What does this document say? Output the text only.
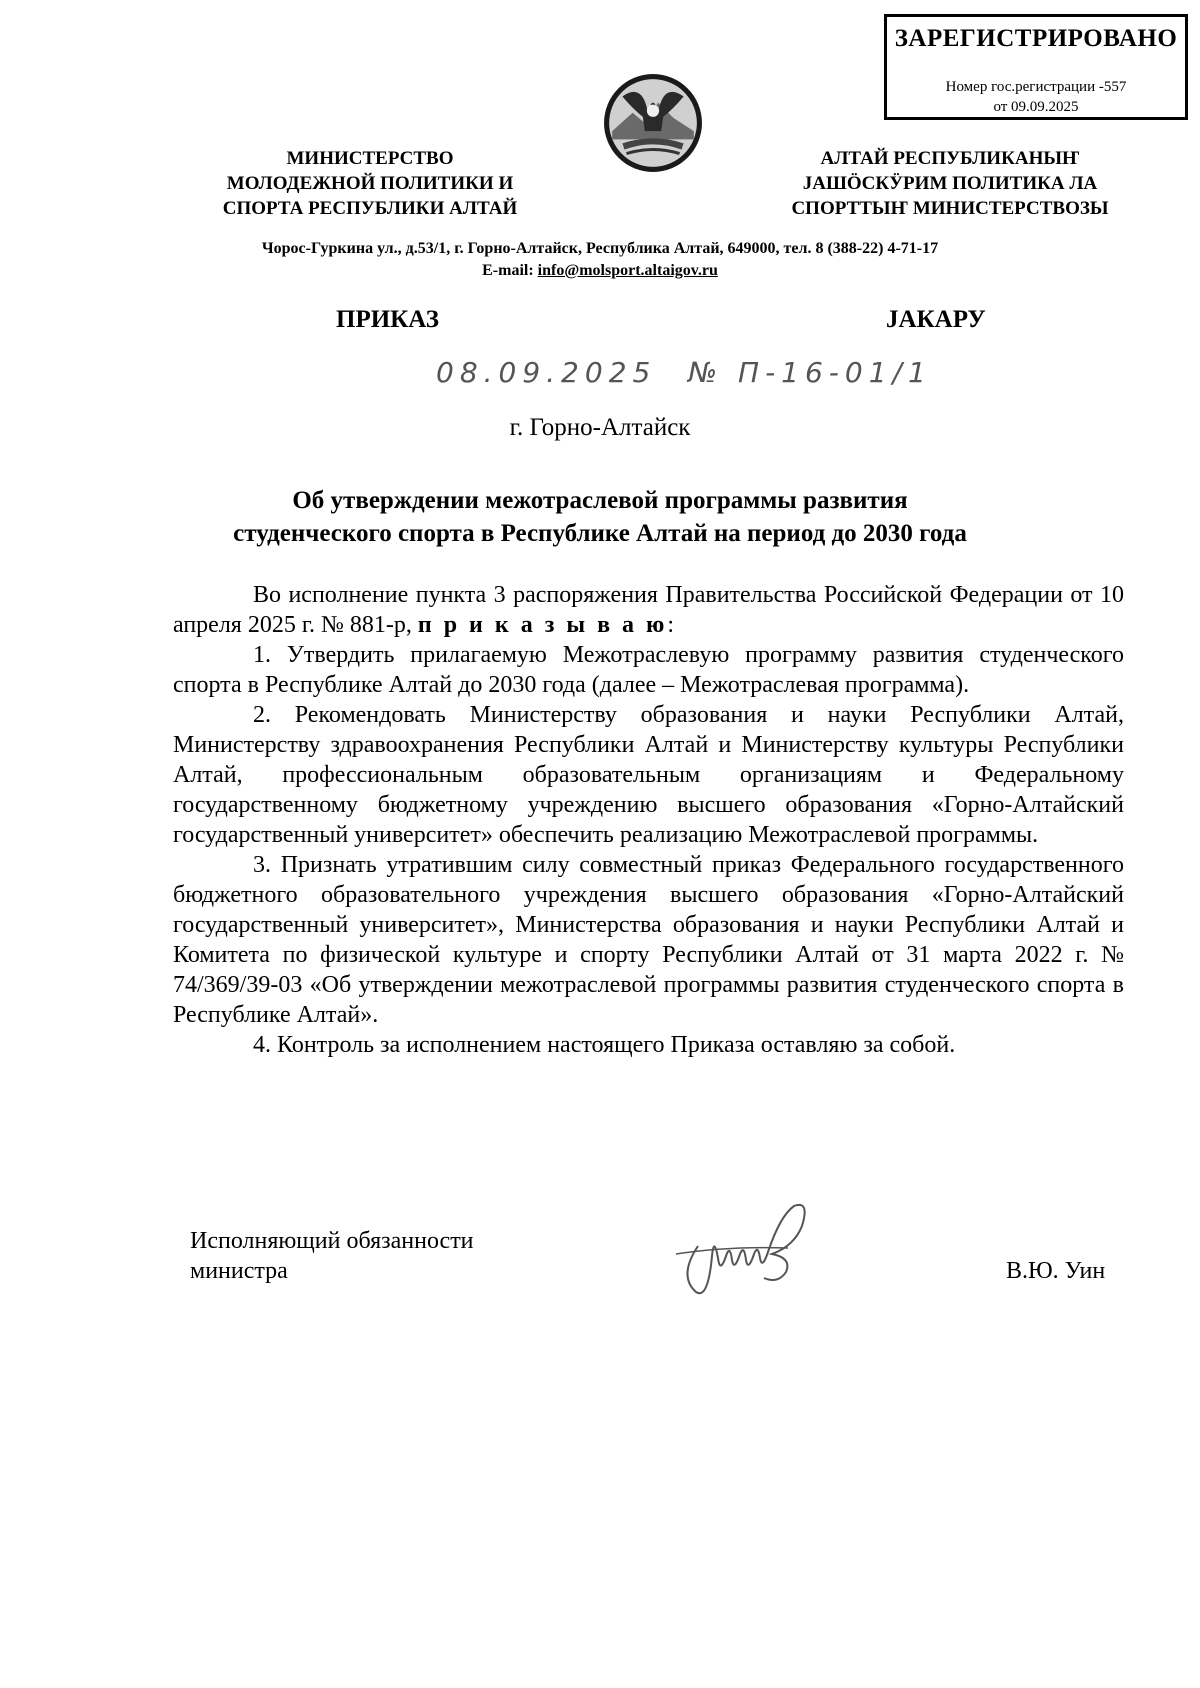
ЗАРЕГИСТРИРОВАНО
Номер гос.регистрации -557
от 09.09.2025
МИНИСТЕРСТВО
МОЛОДЕЖНОЙ ПОЛИТИКИ И
СПОРТА РЕСПУБЛИКИ АЛТАЙ
АЛТАЙ РЕСПУБЛИКАНЫҤ
ЈАШӦСКӰРИМ ПОЛИТИКА ЛА
СПОРТТЫҤ МИНИСТЕРСТВОЗЫ
Чорос-Гуркина ул., д.53/1, г. Горно-Алтайск, Республика Алтай, 649000, тел. 8 (388-22) 4-71-17
E-mail: info@molsport.altaigov.ru
ПРИКАЗ	ЈАКАРУ
08.09.2025 № П-16-01/1
г. Горно-Алтайск
Об утверждении межотраслевой программы развития
студенческого спорта в Республике Алтай на период до 2030 года

Во исполнение пункта 3 распоряжения Правительства Российской Федерации от 10 апреля 2025 г. № 881-р, п р и к а з ы в а ю:

1. Утвердить прилагаемую Межотраслевую программу развития студенческого спорта в Республике Алтай до 2030 года (далее – Межотраслевая программа).

2. Рекомендовать Министерству образования и науки Республики Алтай, Министерству здравоохранения Республики Алтай и Министерству культуры Республики Алтай, профессиональным образовательным организациям и Федеральному государственному бюджетному учреждению высшего образования «Горно-Алтайский государственный университет» обеспечить реализацию Межотраслевой программы.

3. Признать утратившим силу совместный приказ Федерального государственного бюджетного образовательного учреждения высшего образования «Горно-Алтайский государственный университет», Министерства образования и науки Республики Алтай и Комитета по физической культуре и спорту Республики Алтай от 31 марта 2022 г. № 74/369/39-03 «Об утверждении межотраслевой программы развития студенческого спорта в Республике Алтай».

4. Контроль за исполнением настоящего Приказа оставляю за собой.

Исполняющий обязанности
министра	В.Ю. Уин
